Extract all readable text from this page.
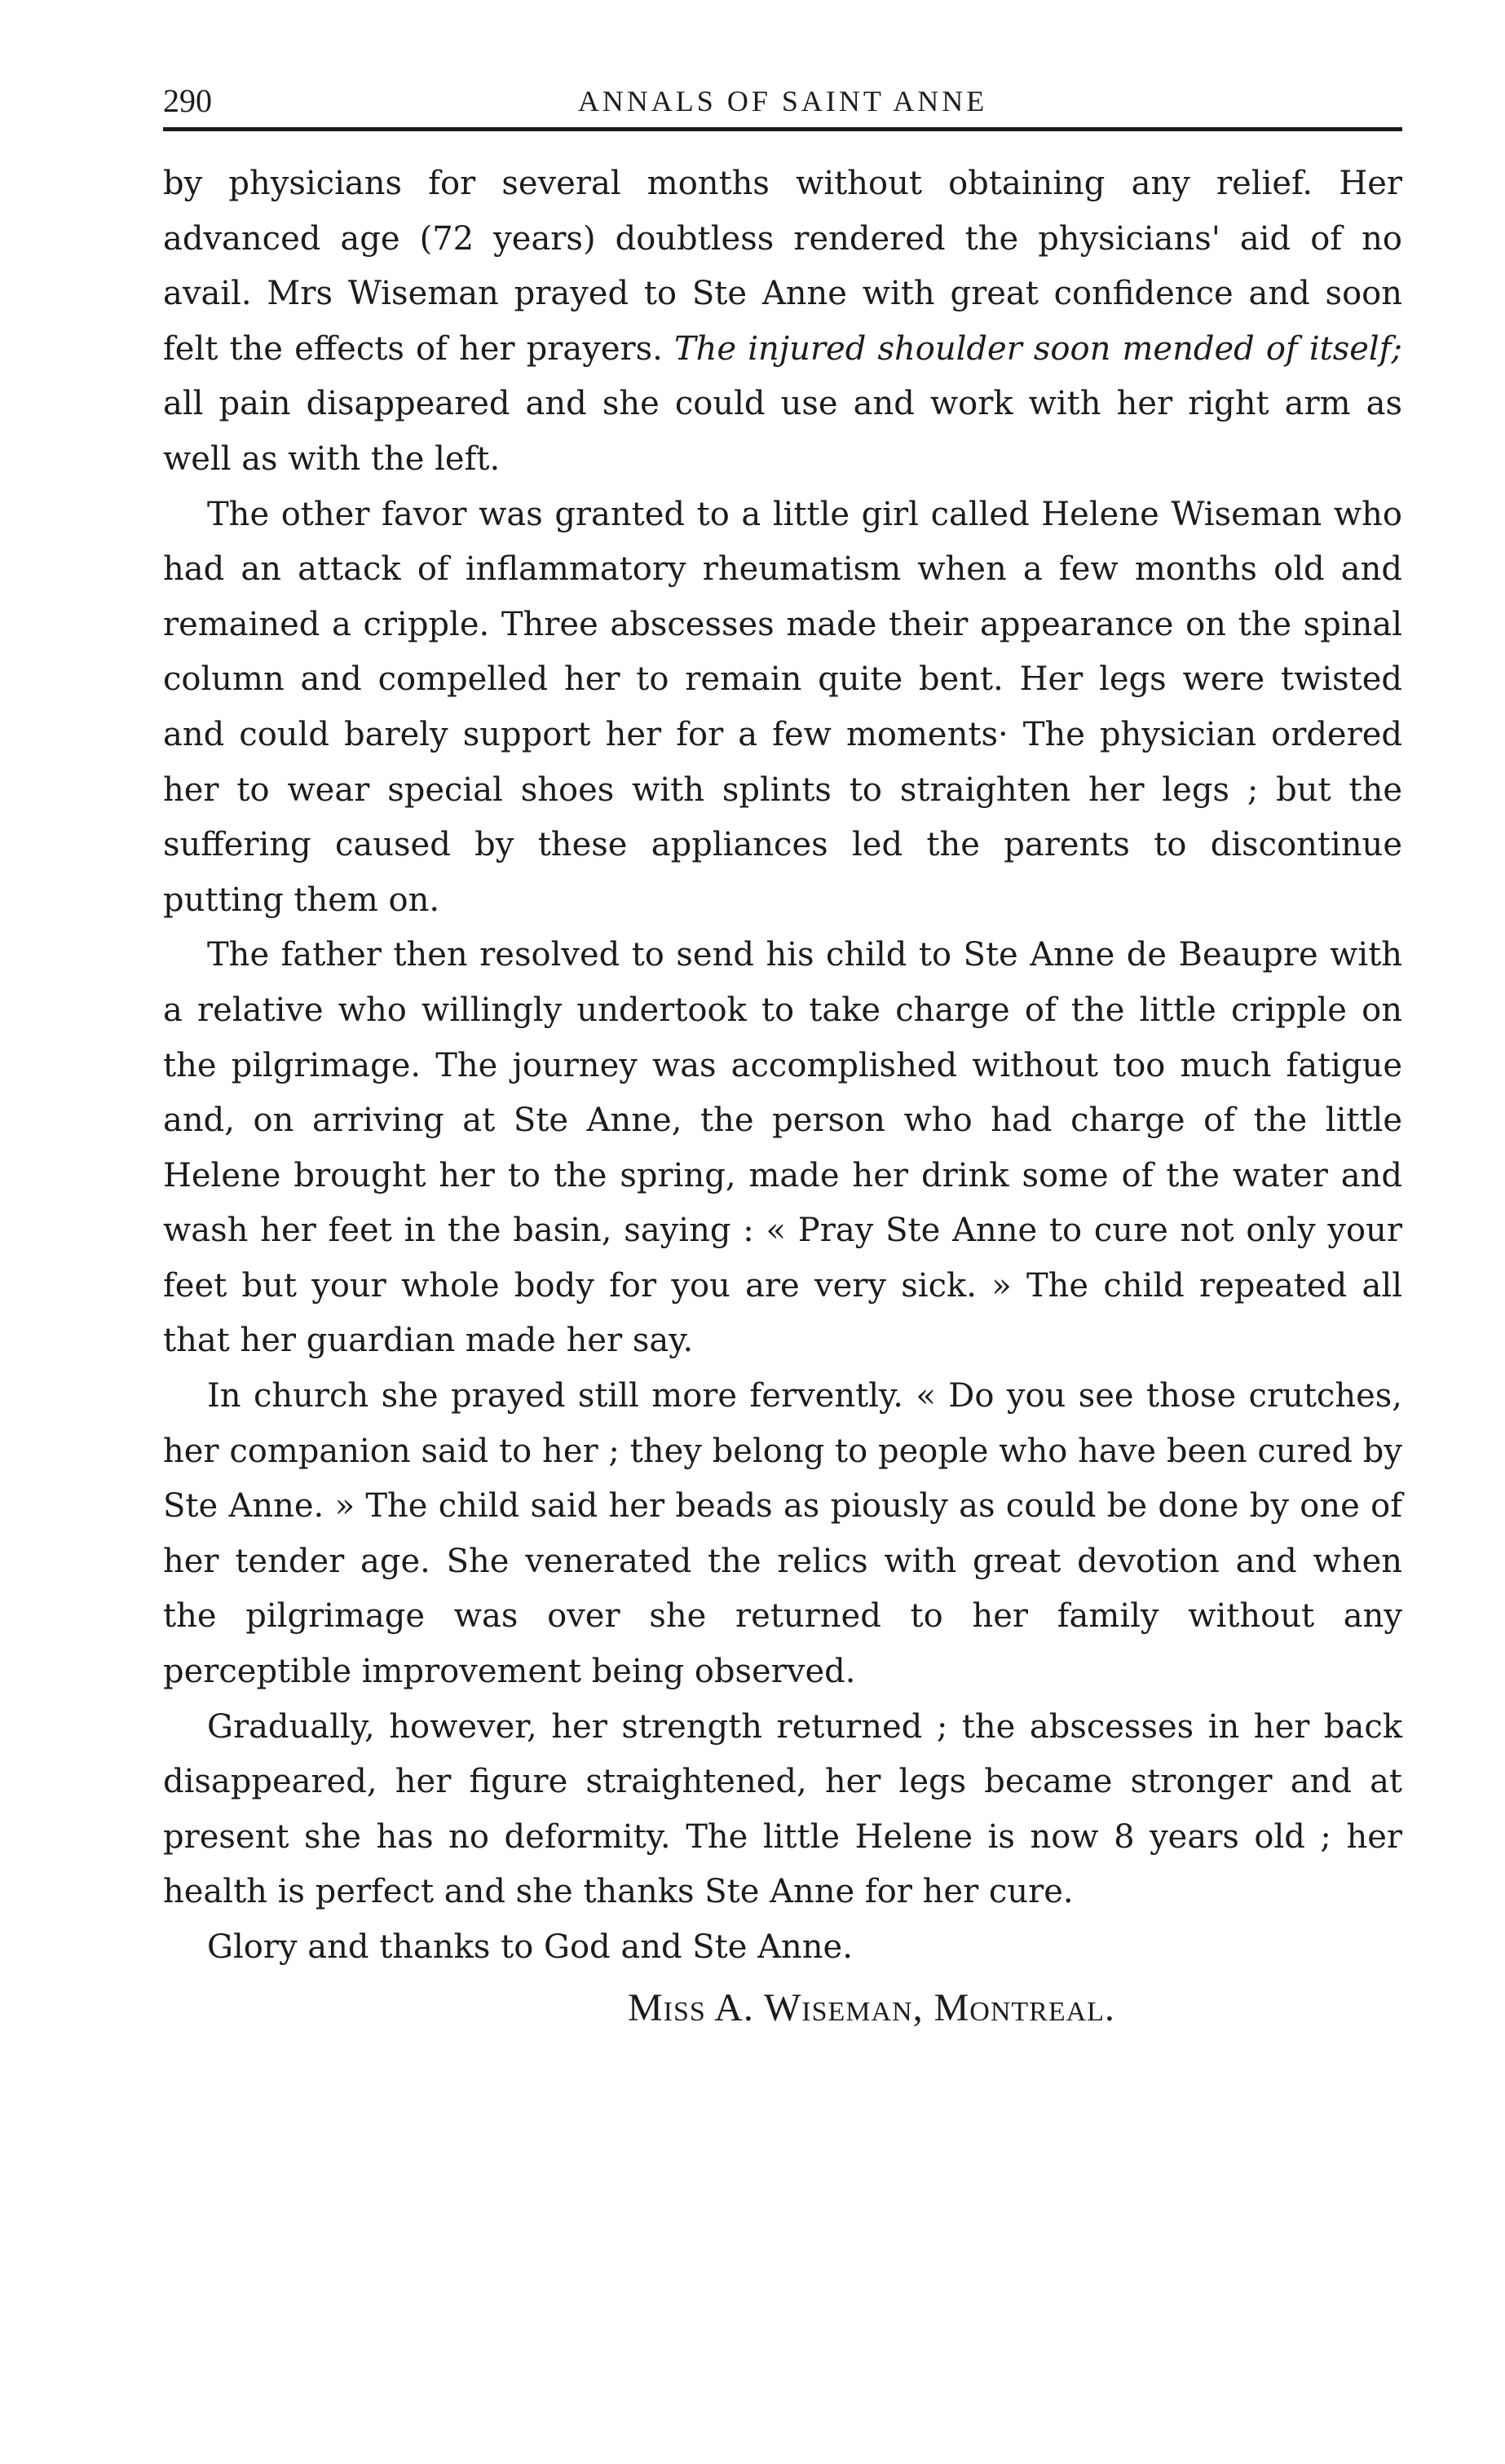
290	ANNALS OF SAINT ANNE

by physicians for several months without obtaining any relief. Her advanced age (72 years) doubtless rendered the physicians' aid of no avail. Mrs Wiseman prayed to Ste Anne with great confidence and soon felt the effects of her prayers. The injured shoulder soon mended of itself; all pain disappeared and she could use and work with her right arm as well as with the left.

The other favor was granted to a little girl called Helene Wiseman who had an attack of inflammatory rheumatism when a few months old and remained a cripple. Three abscesses made their appearance on the spinal column and compelled her to remain quite bent. Her legs were twisted and could barely support her for a few moments· The physician ordered her to wear special shoes with splints to straighten her legs ; but the suffering caused by these appliances led the parents to discontinue putting them on.

The father then resolved to send his child to Ste Anne de Beaupre with a relative who willingly undertook to take charge of the little cripple on the pilgrimage. The journey was accomplished without too much fatigue and, on arriving at Ste Anne, the person who had charge of the little Helene brought her to the spring, made her drink some of the water and wash her feet in the basin, saying : « Pray Ste Anne to cure not only your feet but your whole body for you are very sick. » The child repeated all that her guardian made her say.

In church she prayed still more fervently. « Do you see those crutches, her companion said to her ; they belong to people who have been cured by Ste Anne. » The child said her beads as piously as could be done by one of her tender age. She venerated the relics with great devotion and when the pilgrimage was over she returned to her family without any perceptible improvement being observed.

Gradually, however, her strength returned ; the abscesses in her back disappeared, her figure straightened, her legs became stronger and at present she has no deformity. The little Helene is now 8 years old ; her health is perfect and she thanks Ste Anne for her cure.

Glory and thanks to God and Ste Anne.

Miss A. Wiseman, Montreal.
